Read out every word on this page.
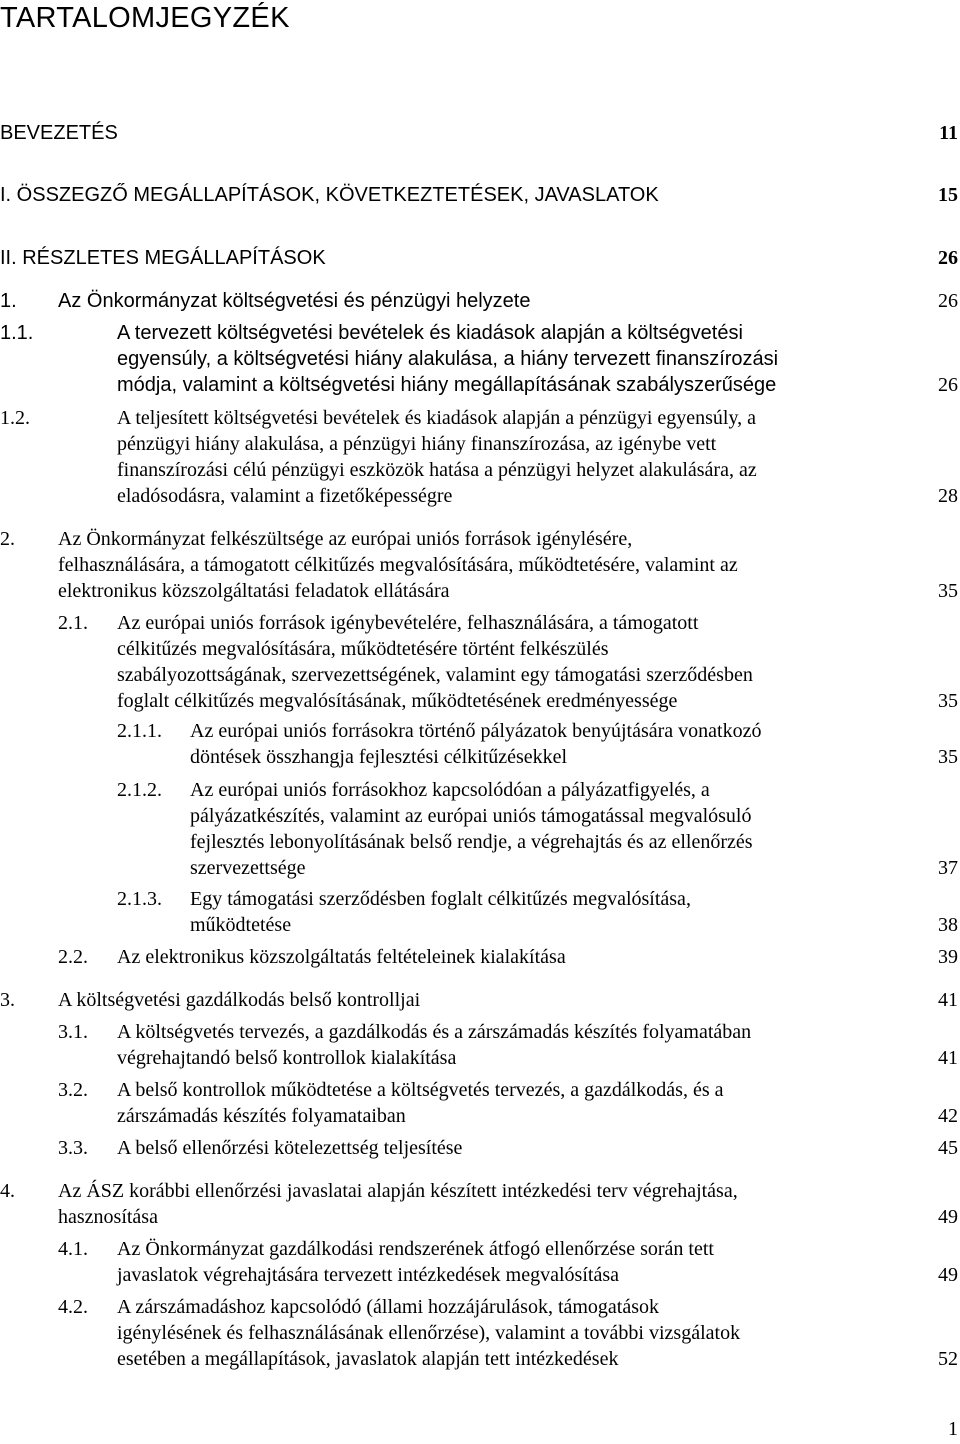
TARTALOMJEGYZÉK
BEVEZETÉS	11
I. ÖSSZEGZŐ MEGÁLLAPÍTÁSOK, KÖVETKEZTETÉSEK, JAVASLATOK	15
II. RÉSZLETES MEGÁLLAPÍTÁSOK	26
1. Az Önkormányzat költségvetési és pénzügyi helyzete	26
1.1.	A tervezett költségvetési bevételek és kiadások alapján a költségvetési
egyensúly, a költségvetési hiány alakulása, a hiány tervezett finanszírozási
módja, valamint a költségvetési hiány megállapításának szabályszerűsége	26
1.2.	A teljesített költségvetési bevételek és kiadások alapján a pénzügyi egyensúly, a
pénzügyi hiány alakulása, a pénzügyi hiány finanszírozása, az igénybe vett
finanszírozási célú pénzügyi eszközök hatása a pénzügyi helyzet alakulására, az
eladósodásra, valamint a fizetőképességre	28
2. Az Önkormányzat felkészültsége az európai uniós források igénylésére,
felhasználására, a támogatott célkitűzés megvalósítására, működtetésére, valamint az
elektronikus közszolgáltatási feladatok ellátására	35
2.1. Az európai uniós források igénybevételére, felhasználására, a támogatott
célkitűzés megvalósítására, működtetésére történt felkészülés
szabályozottságának, szervezettségének, valamint egy támogatási szerződésben
foglalt célkitűzés megvalósításának, működtetésének eredményessége	35
2.1.1. Az európai uniós forrásokra történő pályázatok benyújtására vonatkozó
döntések összhangja fejlesztési célkitűzésekkel	35
2.1.2. Az európai uniós forrásokhoz kapcsolódóan a pályázatfigyelés, a
pályázatkészítés, valamint az európai uniós támogatással megvalósuló
fejlesztés lebonyolításának belső rendje, a végrehajtás és az ellenőrzés
szervezettsége	37
2.1.3. Egy támogatási szerződésben foglalt célkitűzés megvalósítása,
működtetése	38
2.2. Az elektronikus közszolgáltatás feltételeinek kialakítása	39
3. A költségvetési gazdálkodás belső kontrolljai	41
3.1. A költségvetés tervezés, a gazdálkodás és a zárszámadás készítés folyamatában
végrehajtandó belső kontrollok kialakítása	41
3.2. A belső kontrollok működtetése a költségvetés tervezés, a gazdálkodás, és a
zárszámadás készítés folyamataiban	42
3.3. A belső ellenőrzési kötelezettség teljesítése	45
4. Az ÁSZ korábbi ellenőrzési javaslatai alapján készített intézkedési terv végrehajtása,
hasznosítása	49
4.1. Az Önkormányzat gazdálkodási rendszerének átfogó ellenőrzése során tett
javaslatok végrehajtására tervezett intézkedések megvalósítása	49
4.2. A zárszámadáshoz kapcsolódó (állami hozzájárulások, támogatások
igénylésének és felhasználásának ellenőrzése), valamint a további vizsgálatok
esetében a megállapítások, javaslatok alapján tett intézkedések	52
1
